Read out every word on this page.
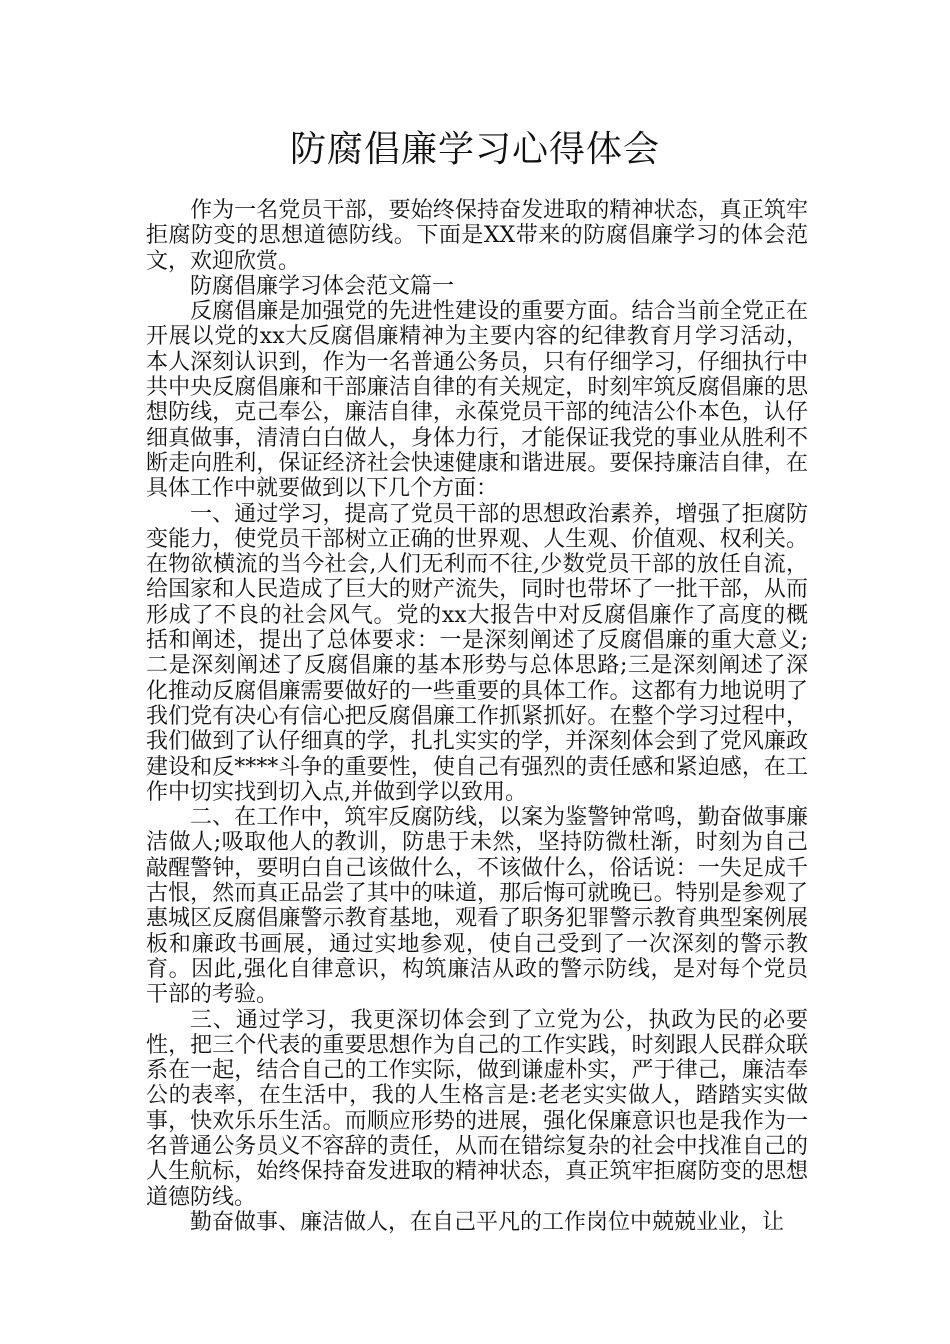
防腐倡廉学习心得体会

作为一名党员干部，要始终保持奋发进取的精神状态，真正筑牢拒腐防变的思想道德防线。下面是XX带来的防腐倡廉学习的体会范文，欢迎欣赏。

防腐倡廉学习体会范文篇一

反腐倡廉是加强党的先进性建设的重要方面。结合当前全党正在开展以党的xx大反腐倡廉精神为主要内容的纪律教育月学习活动，本人深刻认识到，作为一名普通公务员，只有仔细学习，仔细执行中共中央反腐倡廉和干部廉洁自律的有关规定，时刻牢筑反腐倡廉的思想防线，克己奉公，廉洁自律，永葆党员干部的纯洁公仆本色，认仔细真做事，清清白白做人，身体力行，才能保证我党的事业从胜利不断走向胜利，保证经济社会快速健康和谐进展。要保持廉洁自律，在具体工作中就要做到以下几个方面：

一、通过学习，提高了党员干部的思想政治素养，增强了拒腐防变能力，使党员干部树立正确的世界观、人生观、价值观、权利关。在物欲横流的当今社会,人们无利而不往,少数党员干部的放任自流，给国家和人民造成了巨大的财产流失，同时也带坏了一批干部，从而形成了不良的社会风气。党的xx大报告中对反腐倡廉作了高度的概括和阐述，提出了总体要求：一是深刻阐述了反腐倡廉的重大意义;二是深刻阐述了反腐倡廉的基本形势与总体思路;三是深刻阐述了深化推动反腐倡廉需要做好的一些重要的具体工作。这都有力地说明了我们党有决心有信心把反腐倡廉工作抓紧抓好。在整个学习过程中，我们做到了认仔细真的学，扎扎实实的学，并深刻体会到了党风廉政建设和反****斗争的重要性，使自己有强烈的责任感和紧迫感，在工作中切实找到切入点,并做到学以致用。

二、在工作中，筑牢反腐防线，以案为鉴警钟常鸣，勤奋做事廉洁做人;吸取他人的教训，防患于未然，坚持防微杜渐，时刻为自己敲醒警钟，要明白自己该做什么，不该做什么，俗话说：一失足成千古恨，然而真正品尝了其中的味道，那后悔可就晚已。特别是参观了惠城区反腐倡廉警示教育基地，观看了职务犯罪警示教育典型案例展板和廉政书画展，通过实地参观，使自己受到了一次深刻的警示教育。因此,强化自律意识，构筑廉洁从政的警示防线，是对每个党员干部的考验。

三、通过学习，我更深切体会到了立党为公，执政为民的必要性，把三个代表的重要思想作为自己的工作实践，时刻跟人民群众联系在一起，结合自己的工作实际，做到谦虚朴实，严于律己，廉洁奉公的表率，在生活中，我的人生格言是:老老实实做人，踏踏实实做事，快欢乐乐生活。而顺应形势的进展，强化保廉意识也是我作为一名普通公务员义不容辞的责任，从而在错综复杂的社会中找准自己的人生航标，始终保持奋发进取的精神状态，真正筑牢拒腐防变的思想道德防线。

勤奋做事、廉洁做人，在自己平凡的工作岗位中兢兢业业，让
